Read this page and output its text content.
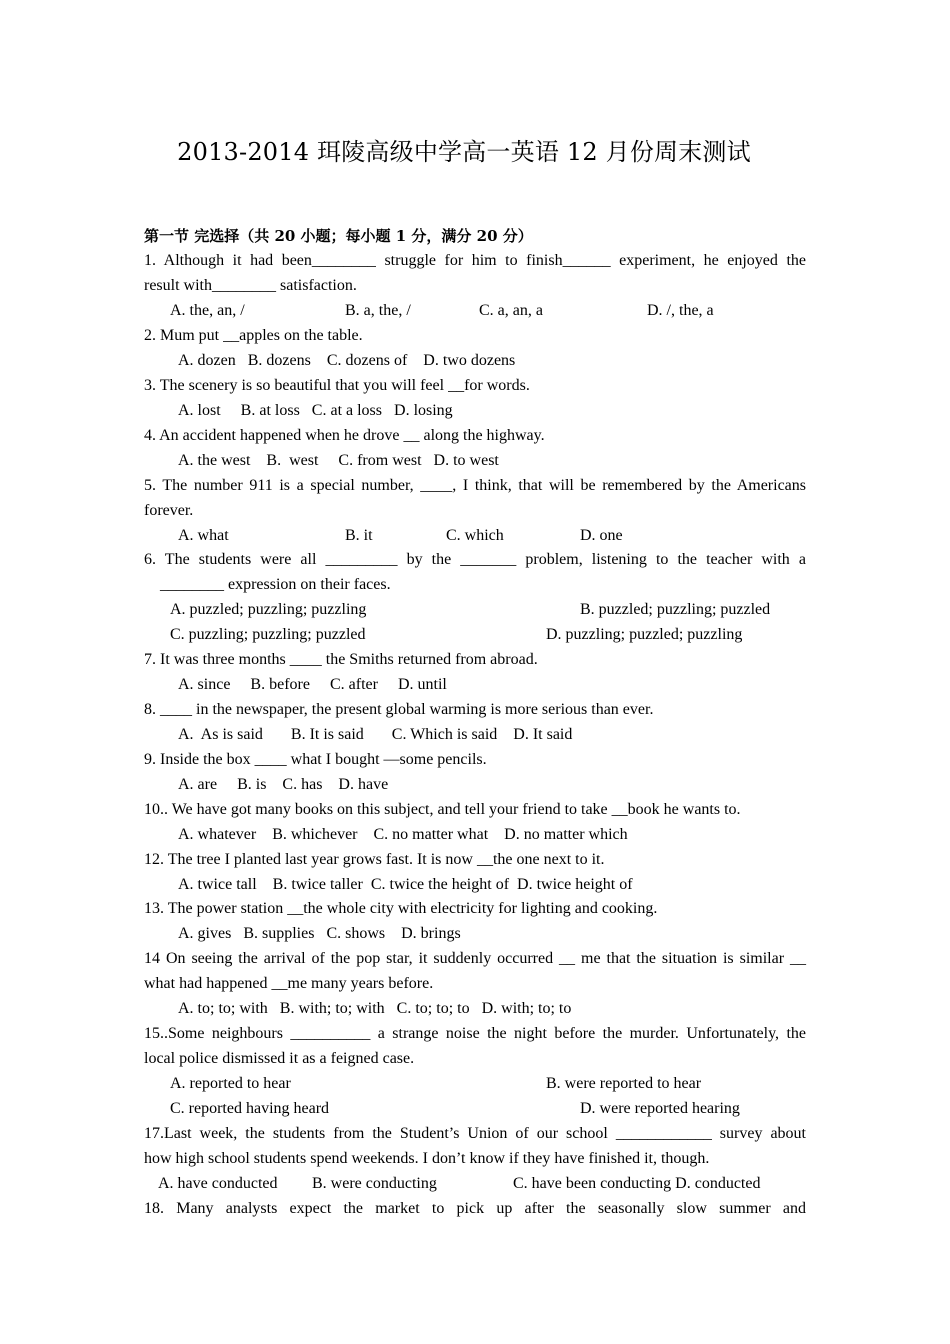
2013-2014 珥陵高级中学高一英语 12 月份周末测试
第一节 完选择（共 20 小题；每小题 1 分，满分 20 分）
1. Although it had been________ struggle for him to finish______ experiment, he enjoyed the
result with________ satisfaction.
A. the, an, /	B. a, the, /	C. a, an, a	D. /, the, a
2. Mum put __apples on the table.
A. dozen   B. dozens    C. dozens of    D. two dozens
3. The scenery is so beautiful that you will feel __for words.
A. lost     B. at loss   C. at a loss   D. losing
4. An accident happened when he drove __ along the highway.
A. the west    B.  west     C. from west   D. to west
5. The number 911 is a special number, ____, I think, that will be remembered by the Americans
forever.
A. what	B. it	C. which	D. one
6. The students were all _________ by the _______ problem, listening to the teacher with a
________ expression on their faces.
A. puzzled; puzzling; puzzling	B. puzzled; puzzling; puzzled
C. puzzling; puzzling; puzzled	D. puzzling; puzzled; puzzling
7. It was three months ____ the Smiths returned from abroad.
A. since     B. before     C. after     D. until
8. ____ in the newspaper, the present global warming is more serious than ever.
A.  As is said       B. It is said       C. Which is said    D. It said
9. Inside the box ____ what I bought —some pencils.
A. are     B. is    C. has    D. have
10.. We have got many books on this subject, and tell your friend to take __book he wants to.
A. whatever    B. whichever    C. no matter what    D. no matter which
12. The tree I planted last year grows fast. It is now __the one next to it.
A. twice tall    B. twice taller  C. twice the height of  D. twice height of
13. The power station __the whole city with electricity for lighting and cooking.
A. gives   B. supplies   C. shows    D. brings
14 On seeing the arrival of the pop star, it suddenly occurred __ me that the situation is similar __
what had happened __me many years before.
A. to; to; with   B. with; to; with   C. to; to; to   D. with; to; to
15..Some neighbours __________ a strange noise the night before the murder. Unfortunately, the
local police dismissed it as a feigned case.
A. reported to hear	B. were reported to hear
C. reported having heard	D. were reported hearing
17.Last week, the students from the Student’s Union of our school ____________ survey about
how high school students spend weekends. I don’t know if they have finished it, though.
A. have conducted B. were conducting	C. have been conducting D. conducted
18. Many analysts expect the market to pick up after the seasonally slow summer and
